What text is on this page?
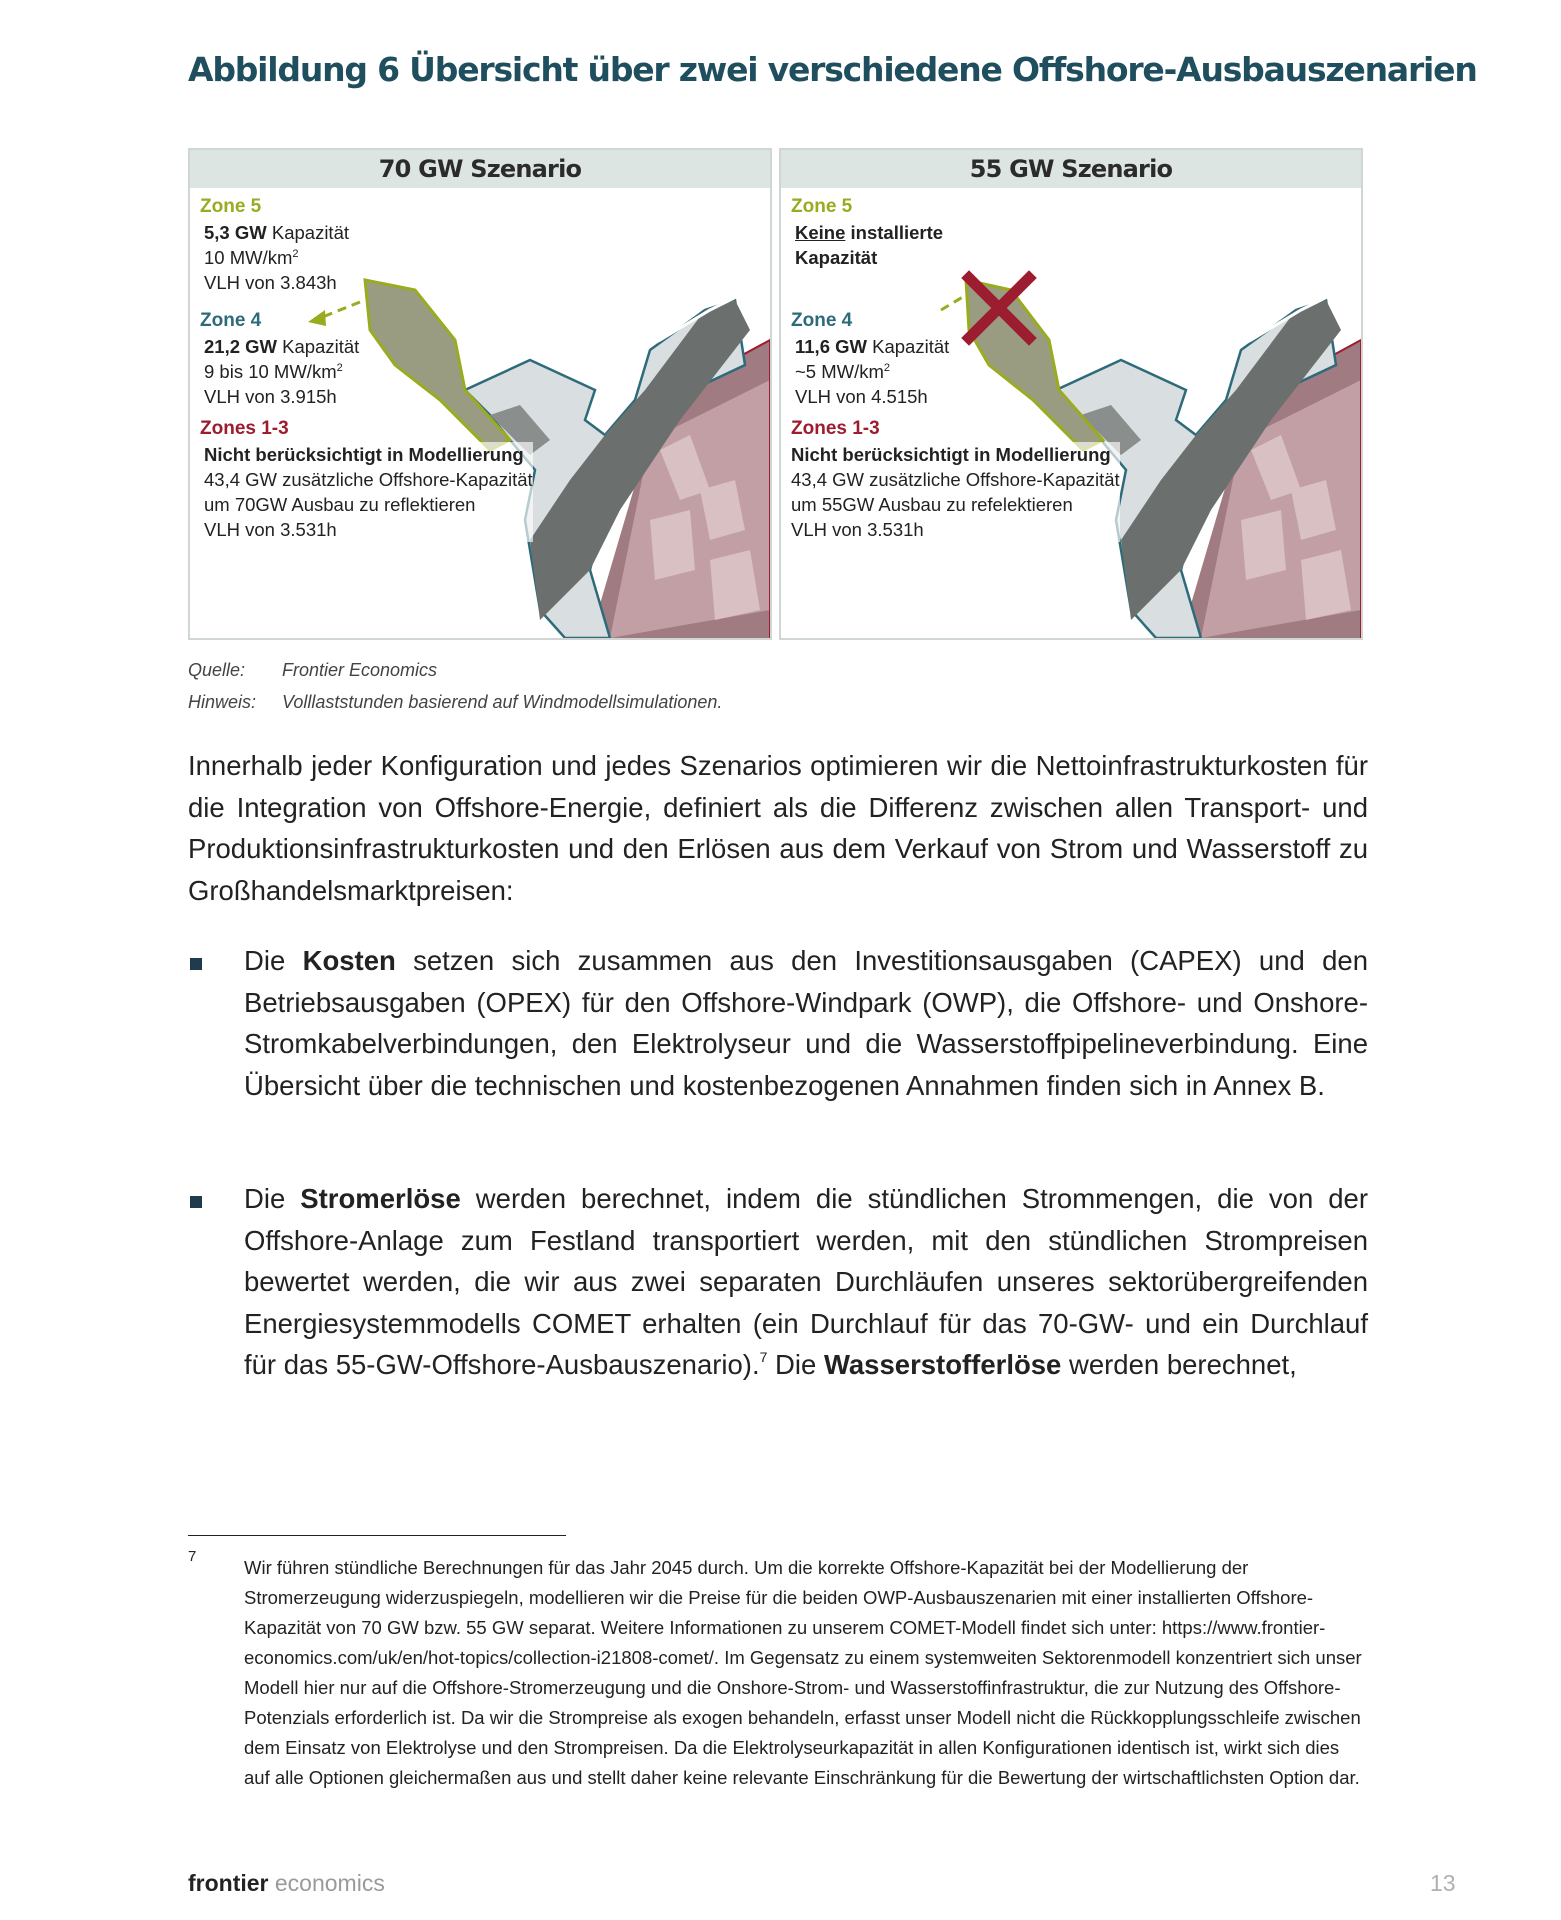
Abbildung 6 Übersicht über zwei verschiedene Offshore-Ausbauszenarien
70 GW Szenario

Zone 5

5,3 GW Kapazität
10 $MW/km^2$
VLH von 3.843h

Zone 4

21,2 GW Kapazität
9 bis 10 $MW/km^2$
VLH von 3.915h

Zones 1-3

Nicht berücksichtigt in Modellierung
43,4 GW zusätzliche Offshore-Kapazität
um 70GW Ausbau zu reflektieren
VLH von 3.531h

55 GW Szenario

Zone 5

Keine installierte
Kapazität

Zone 4

11,6 GW Kapazität
~5 $MW/km^2$
VLH von 4.515h

Zones 1-3

Nicht berücksichtigt in Modellierung
43,4 GW zusätzliche Offshore-Kapazität
um 55GW Ausbau zu refelektieren
VLH von 3.531h

Quelle: Frontier Economics

Hinweis: Volllaststunden basierend auf Windmodellsimulationen.

Innerhalb jeder Konfiguration und jedes Szenarios optimieren wir die Nettoinfrastrukturkosten für die Integration von Offshore-Energie, definiert als die Differenz zwischen allen Transport- und Produktionsinfrastrukturkosten und den Erlösen aus dem Verkauf von Strom und Wasserstoff zu Großhandelsmarktpreisen:

Die Kosten setzen sich zusammen aus den Investitionsausgaben (CAPEX) und den Betriebsausgaben (OPEX) für den Offshore-Windpark (OWP), die Offshore- und Onshore-Stromkabelverbindungen, den Elektrolyseur und die Wasserstoffpipelineverbindung. Eine Übersicht über die technischen und kostenbezogenen Annahmen finden sich in Annex B.

Die Stromerlöse werden berechnet, indem die stündlichen Strommengen, die von der Offshore-Anlage zum Festland transportiert werden, mit den stündlichen Strompreisen bewertet werden, die wir aus zwei separaten Durchläufen unseres sektorübergreifenden Energiesystemmodells COMET erhalten (ein Durchlauf für das 70-GW- und ein Durchlauf für das 55-GW-Offshore-Ausbauszenario).$^7$ Die Wasserstofferlöse werden berechnet,

7

Wir führen stündliche Berechnungen für das Jahr 2045 durch. Um die korrekte Offshore-Kapazität bei der Modellierung der Stromerzeugung widerzuspiegeln, modellieren wir die Preise für die beiden OWP-Ausbauszenarien mit einer installierten Offshore-Kapazität von 70 GW bzw. 55 GW separat. Weitere Informationen zu unserem COMET-Modell findet sich unter: https://www.frontier-economics.com/uk/en/hot-topics/collection-i21808-comet/. Im Gegensatz zu einem systemweiten Sektorenmodell konzentriert sich unser Modell hier nur auf die Offshore-Stromerzeugung und die Onshore-Strom- und Wasserstoffinfrastruktur, die zur Nutzung des Offshore-Potenzials erforderlich ist. Da wir die Strompreise als exogen behandeln, erfasst unser Modell nicht die Rückkopplungsschleife zwischen dem Einsatz von Elektrolyse und den Strompreisen. Da die Elektrolyseurkapazität in allen Konfigurationen identisch ist, wirkt sich dies auf alle Optionen gleichermaßen aus und stellt daher keine relevante Einschränkung für die Bewertung der wirtschaftlichsten Option dar.

frontier economics	13
